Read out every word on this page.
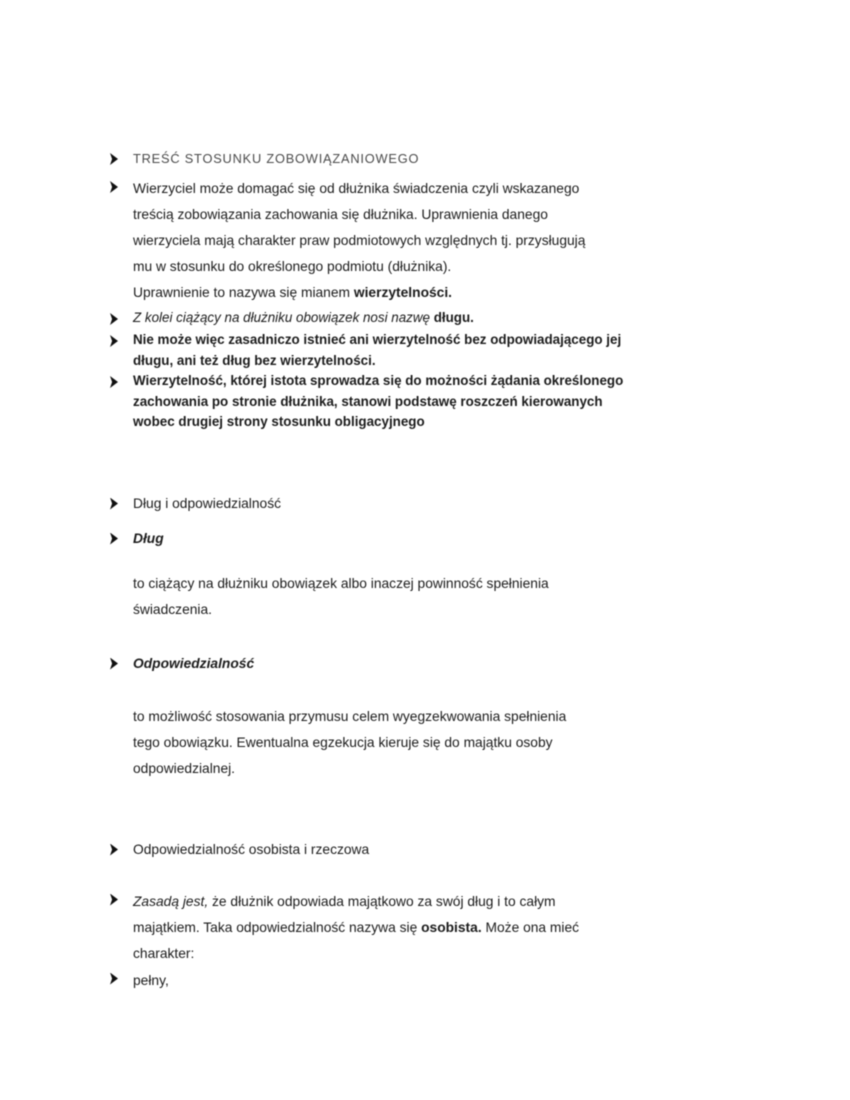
TREŚĆ STOSUNKU ZOBOWIĄZANIOWEGO
Wierzyciel może domagać się od dłużnika świadczenia czyli wskazanego
treścią zobowiązania zachowania się dłużnika. Uprawnienia danego
wierzyciela mają charakter praw podmiotowych względnych tj. przysługują
mu w stosunku do określonego podmiotu (dłużnika).
Uprawnienie to nazywa się mianem wierzytelności.
Z kolei ciążący na dłużniku obowiązek nosi nazwę długu.
Nie może więc zasadniczo istnieć ani wierzytelność bez odpowiadającego jej
długu, ani też dług bez wierzytelności.
Wierzytelność, której istota sprowadza się do możności żądania określonego
zachowania po stronie dłużnika, stanowi podstawę roszczeń kierowanych
wobec drugiej strony stosunku obligacyjnego
Dług i odpowiedzialność
Dług
to ciążący na dłużniku obowiązek albo inaczej powinność spełnienia
świadczenia.
Odpowiedzialność
to możliwość stosowania przymusu celem wyegzekwowania spełnienia
tego obowiązku. Ewentualna egzekucja kieruje się do majątku osoby
odpowiedzialnej.
Odpowiedzialność osobista i rzeczowa
Zasadą jest, że dłużnik odpowiada majątkowo za swój dług i to całym
majątkiem. Taka odpowiedzialność nazywa się osobista. Może ona mieć
charakter:
pełny,
